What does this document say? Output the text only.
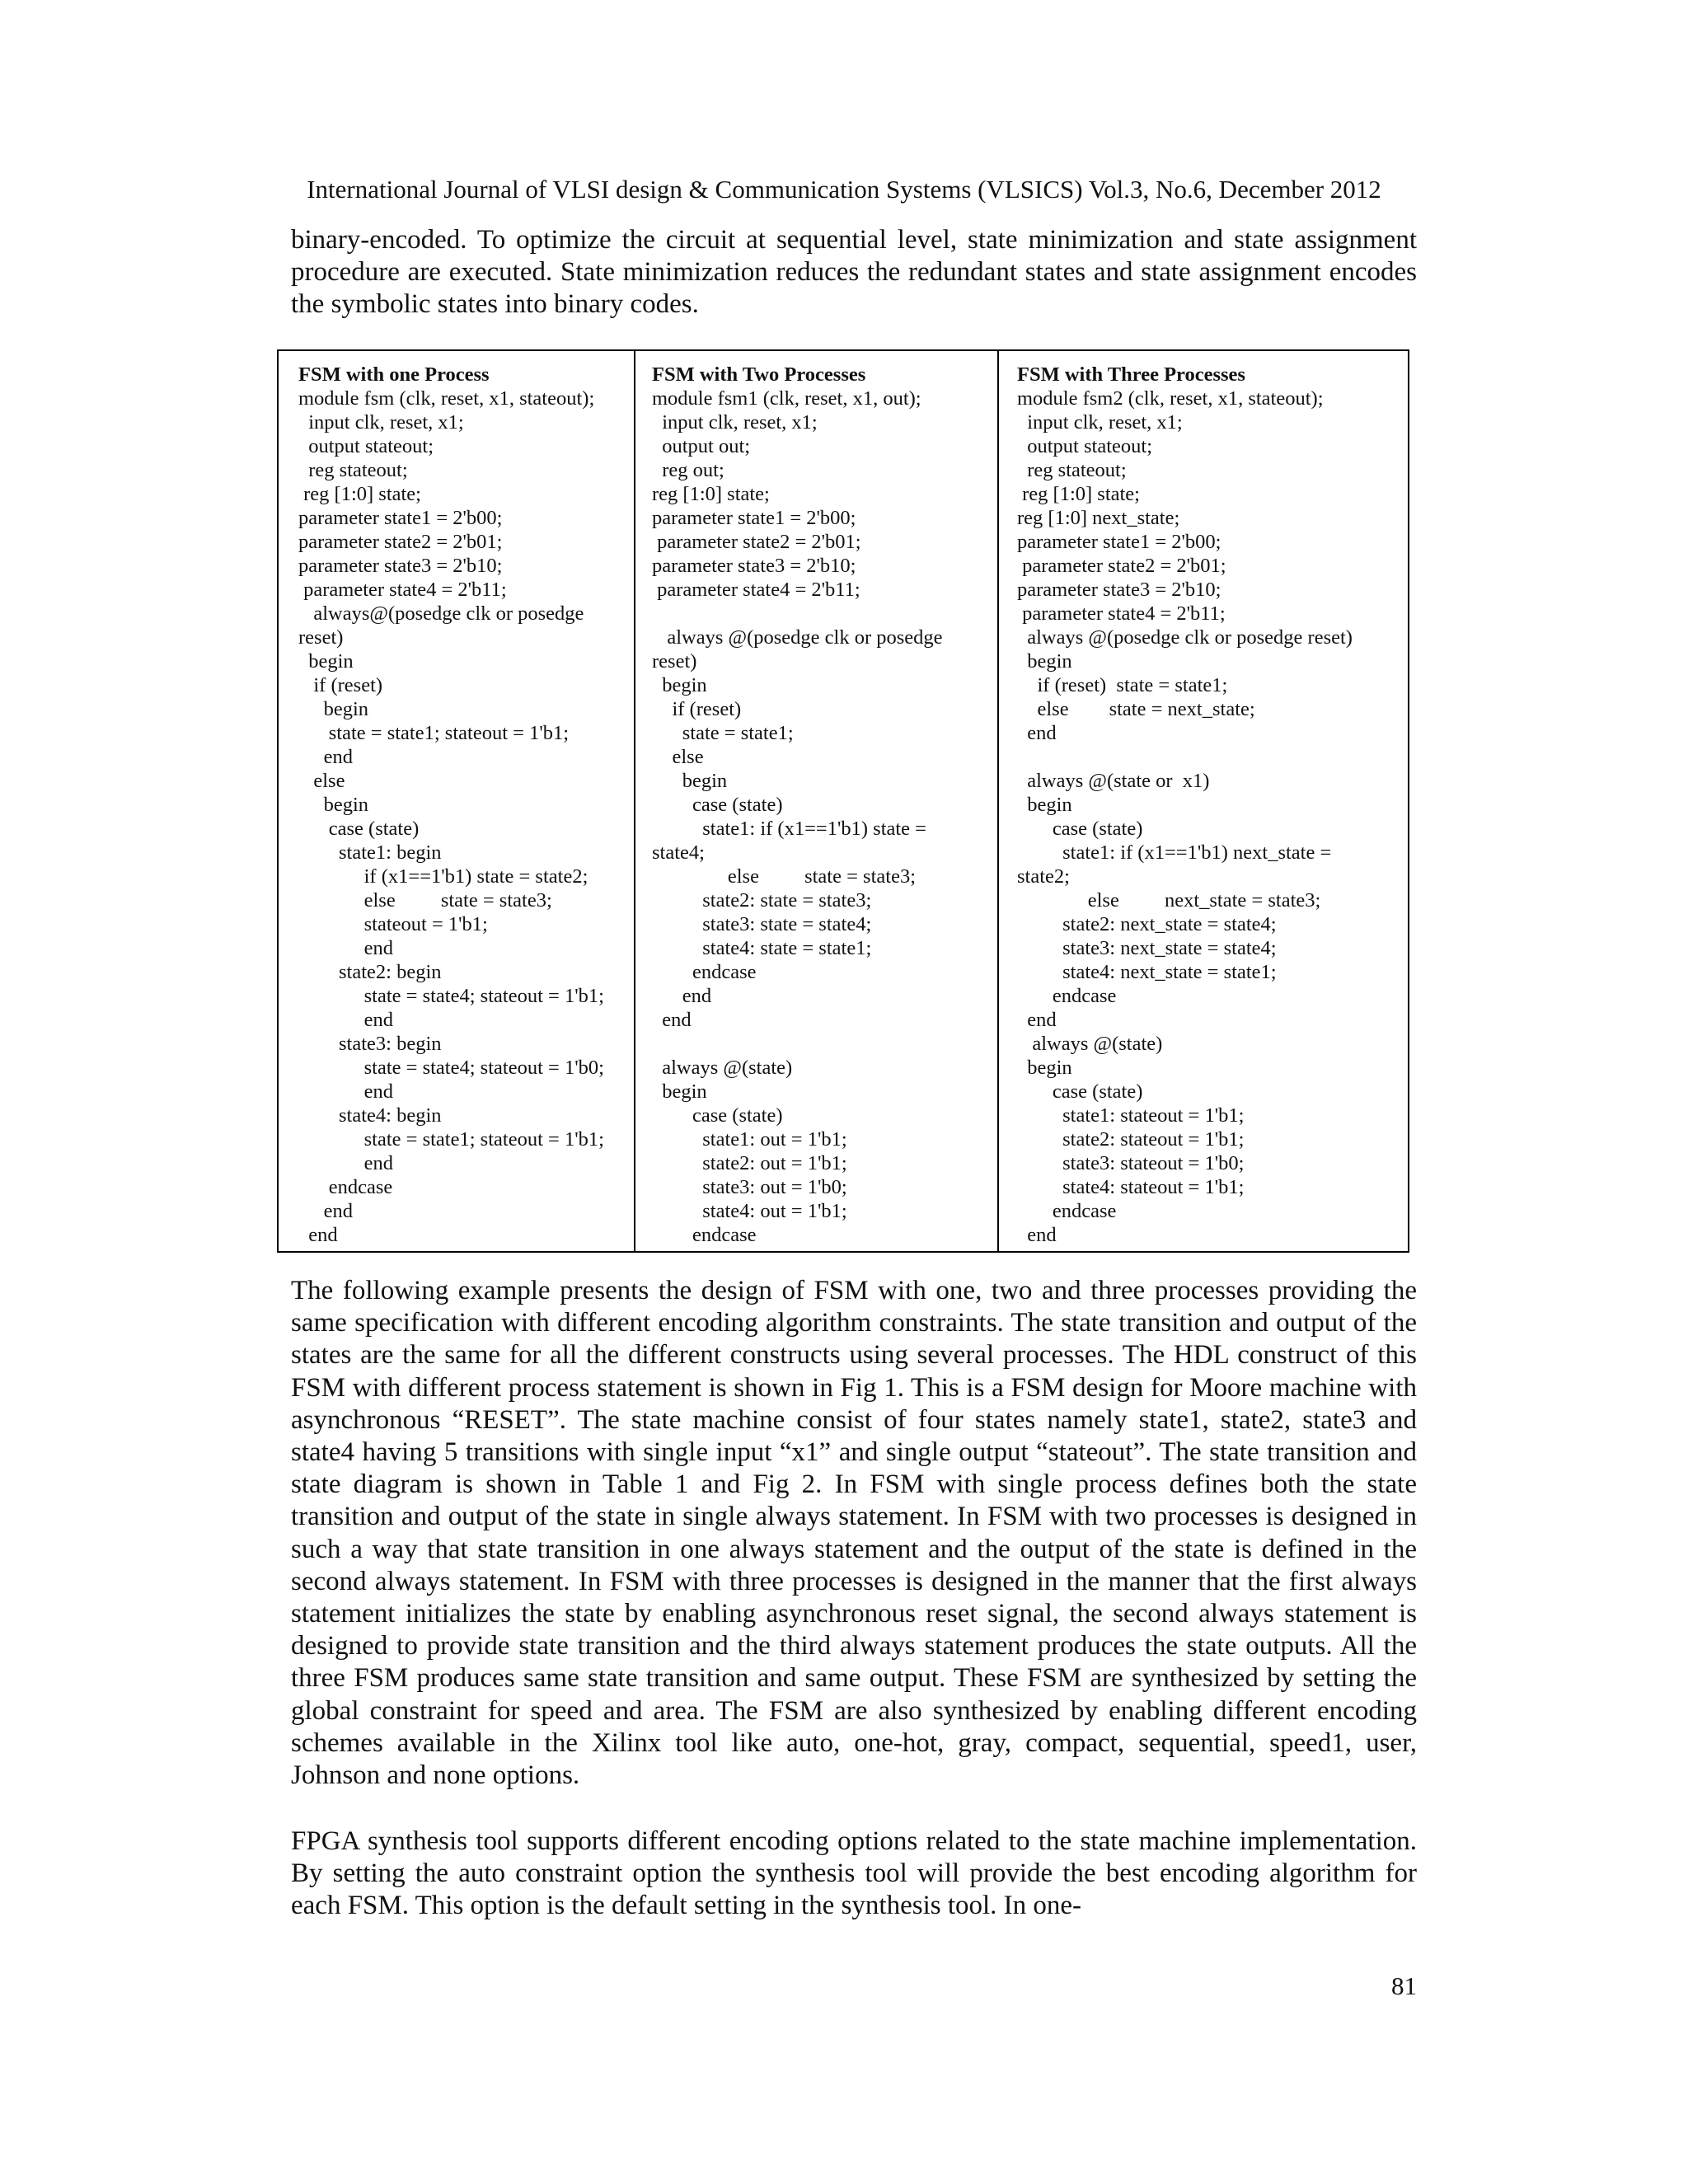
International Journal of VLSI design & Communication Systems (VLSICS) Vol.3, No.6, December 2012

binary-encoded. To optimize the circuit at sequential level, state minimization and state assignment procedure are executed. State minimization reduces the redundant states and state assignment encodes the symbolic states into binary codes.

FSM with one Process
module fsm (clk, reset, x1, stateout);
input clk, reset, x1;
output stateout;
reg stateout;
reg [1:0] state;
parameter state1 = 2'b00;
parameter state2 = 2'b01;
parameter state3 = 2'b10;
parameter state4 = 2'b11;
always@(posedge clk or posedge
reset)
begin
if (reset)
begin
state = state1; stateout = 1'b1;
end
else
begin
case (state)
state1: begin
if (x1==1'b1) state = state2;
else         state = state3;
stateout = 1'b1;
end
state2: begin
state = state4; stateout = 1'b1;
end
state3: begin
state = state4; stateout = 1'b0;
end
state4: begin
state = state1; stateout = 1'b1;
end
endcase
end
end
FSM with Two Processes
module fsm1 (clk, reset, x1, out);
input clk, reset, x1;
output out;
reg out;
reg [1:0] state;
parameter state1 = 2'b00;
parameter state2 = 2'b01;
parameter state3 = 2'b10;
parameter state4 = 2'b11;

always @(posedge clk or posedge
reset)
begin
if (reset)
state = state1;
else
begin
case (state)
state1: if (x1==1'b1) state =
state4;
else         state = state3;
state2: state = state3;
state3: state = state4;
state4: state = state1;
endcase
end
end

always @(state)
begin
case (state)
state1: out = 1'b1;
state2: out = 1'b1;
state3: out = 1'b0;
state4: out = 1'b1;
endcase
FSM with Three Processes
module fsm2 (clk, reset, x1, stateout);
input clk, reset, x1;
output stateout;
reg stateout;
reg [1:0] state;
reg [1:0] next_state;
parameter state1 = 2'b00;
parameter state2 = 2'b01;
parameter state3 = 2'b10;
parameter state4 = 2'b11;
always @(posedge clk or posedge reset)
begin
if (reset)  state = state1;
else        state = next_state;
end

always @(state or  x1)
begin
case (state)
state1: if (x1==1'b1) next_state =
state2;
else         next_state = state3;
state2: next_state = state4;
state3: next_state = state4;
state4: next_state = state1;
endcase
end
always @(state)
begin
case (state)
state1: stateout = 1'b1;
state2: stateout = 1'b1;
state3: stateout = 1'b0;
state4: stateout = 1'b1;
endcase
end

The following example presents the design of FSM with one, two and three processes providing the same specification with different encoding algorithm constraints. The state transition and output of the states are the same for all the different constructs using several processes. The HDL construct of this FSM with different process statement is shown in Fig 1. This is a FSM design for Moore machine with asynchronous “RESET”. The state machine consist of four states namely state1, state2, state3 and state4 having 5 transitions with single input “x1” and single output “stateout”. The state transition and state diagram is shown in Table 1 and Fig 2. In FSM with single process defines both the state transition and output of the state in single always statement. In FSM with two processes is designed in such a way that state transition in one always statement and the output of the state is defined in the second always statement. In FSM with three processes is designed in the manner that the first always statement initializes the state by enabling asynchronous reset signal, the second always statement is designed to provide state transition and the third always statement produces the state outputs. All the three FSM produces same state transition and same output. These FSM are synthesized by setting the global constraint for speed and area. The FSM are also synthesized by enabling different encoding schemes available in the Xilinx tool like auto, one-hot, gray, compact, sequential, speed1, user, Johnson and none options.

FPGA synthesis tool supports different encoding options related to the state machine implementation. By setting the auto constraint option the synthesis tool will provide the best encoding algorithm for each FSM. This option is the default setting in the synthesis tool. In one-

81
